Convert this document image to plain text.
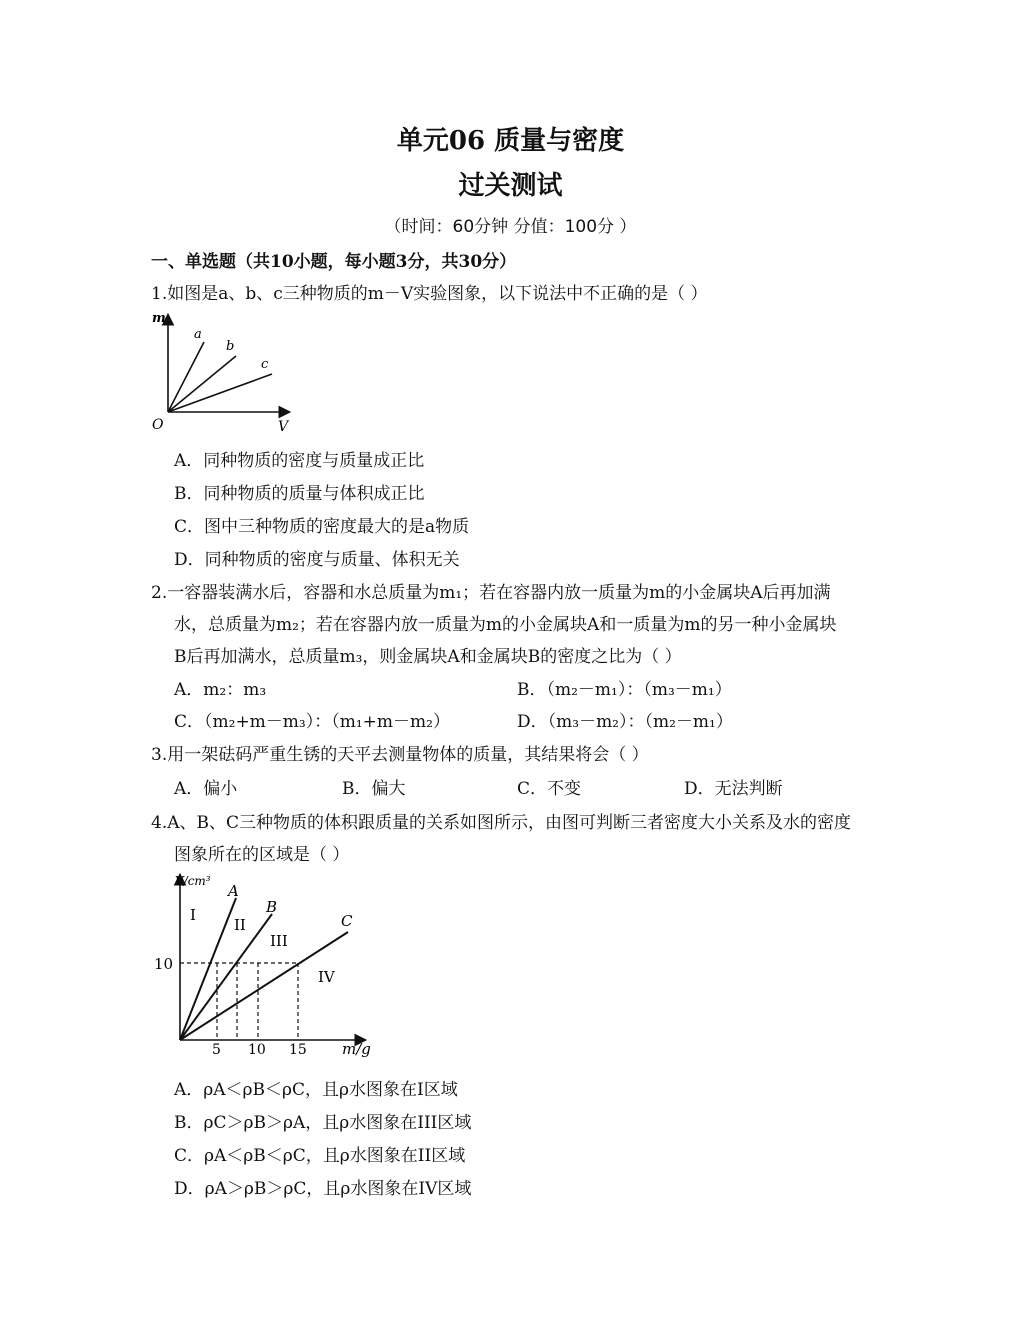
单元06 质量与密度
过关测试
（时间：60分钟 分值：100分 ）
一、单选题（共10小题，每小题3分，共30分）
1.如图是a、b、c三种物质的m－V实验图象，以下说法中不正确的是（ ）
m
V
O
a
b
c
A．同种物质的密度与质量成正比
B．同种物质的质量与体积成正比
C．图中三种物质的密度最大的是a物质
D．同种物质的密度与质量、体积无关
2.一容器装满水后，容器和水总质量为m₁；若在容器内放一质量为m的小金属块A后再加满
水，总质量为m₂；若在容器内放一质量为m的小金属块A和一质量为m的另一种小金属块
B后再加满水，总质量m₃，则金属块A和金属块B的密度之比为（ ）
A．m₂：m₃	B．（m₂－m₁）：（m₃－m₁）
C．（m₂+m－m₃）：（m₁+m－m₂）	D．（m₃－m₂）：（m₂－m₁）
3.用一架砝码严重生锈的天平去测量物体的质量，其结果将会（ ）
A．偏小	B．偏大	C．不变	D．无法判断
4.A、B、C三种物质的体积跟质量的关系如图所示，由图可判断三者密度大小关系及水的密度
图象所在的区域是（ ）
V/cm³
m/g
10
5 10 15
A
B
C
I
II
III
IV
A．ρA＜ρB＜ρC，且ρ水图象在I区域
B．ρC＞ρB＞ρA，且ρ水图象在III区域
C．ρA＜ρB＜ρC，且ρ水图象在II区域
D．ρA＞ρB＞ρC，且ρ水图象在IV区域
